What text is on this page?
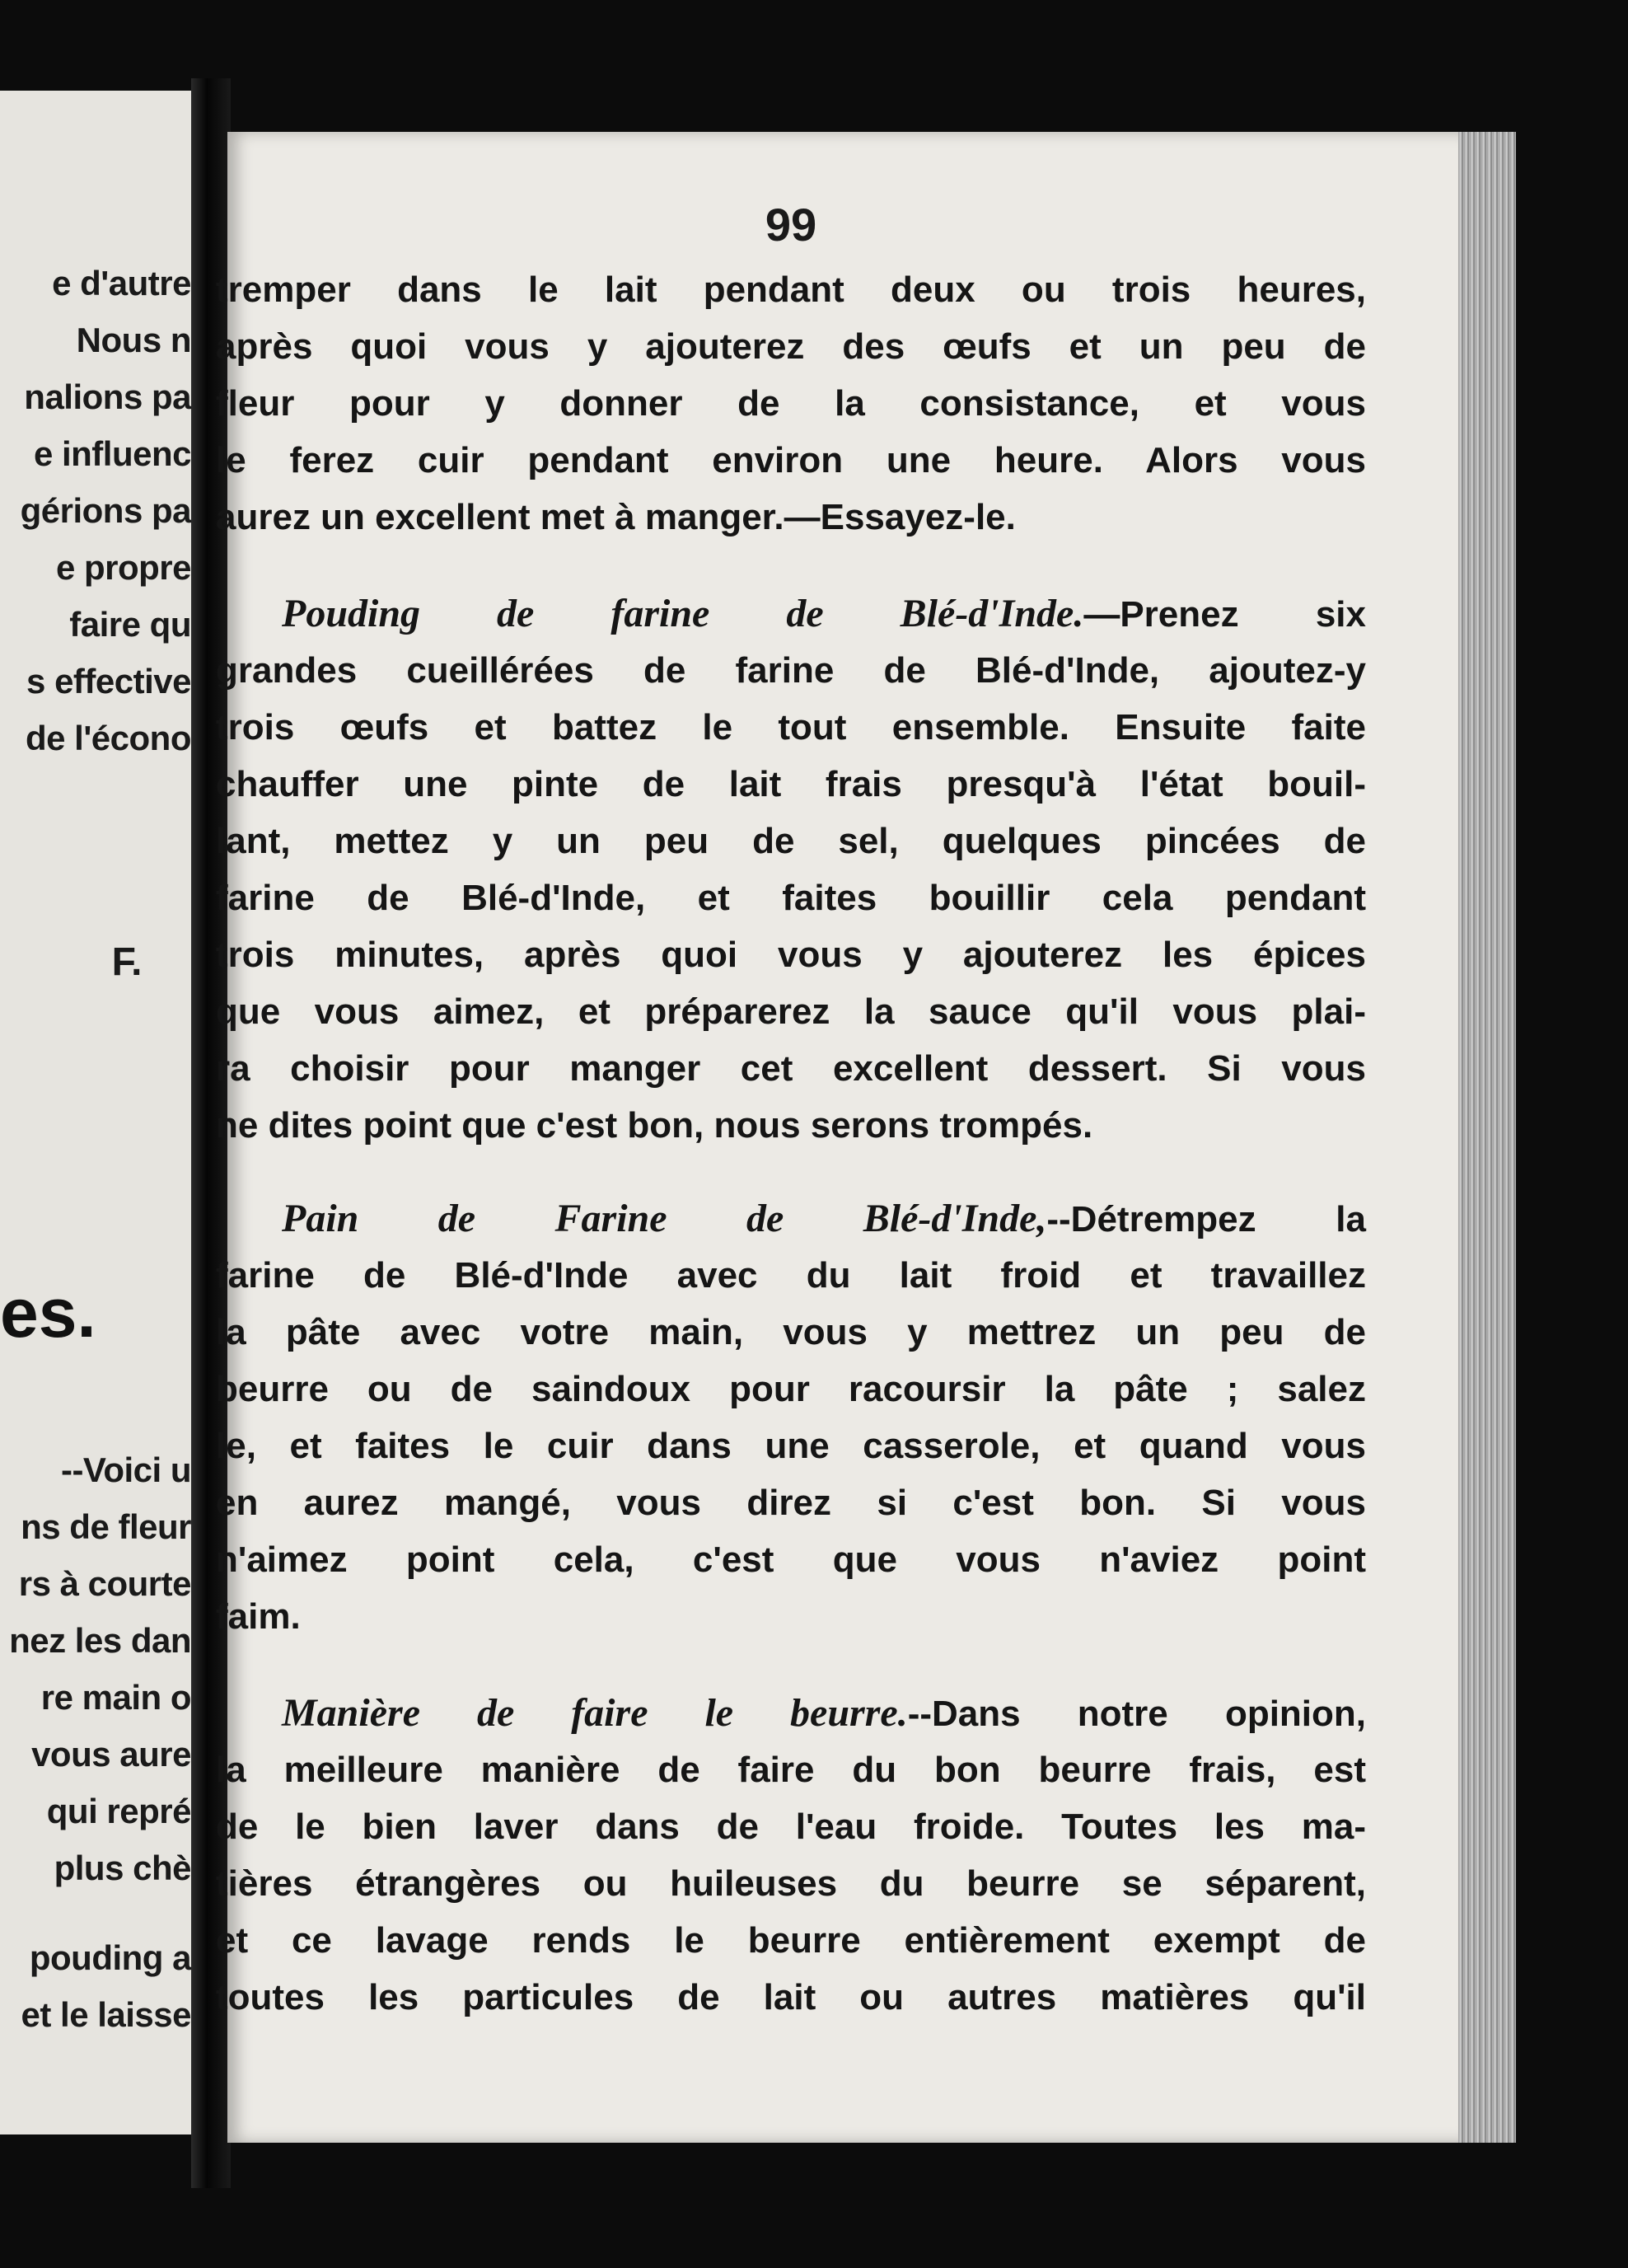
e d'autre
Nous n
nalions pa
e influenc
gérions pa
e propre
faire qu
s effective
de l'écono
F.
es.
--Voici u
ns de fleur
rs à courte
nez les dan
re main o
vous aure
qui repré
plus chè
pouding a
et le laisse
99
tremper dans le lait pendant deux ou trois heures,
après quoi vous y ajouterez des œufs et un peu de
fleur pour y donner de la consistance, et vous
le ferez cuir pendant environ une heure. Alors vous
aurez un excellent met à manger.—Essayez-le.
Pouding de farine de Blé-d'Inde.—Prenez six
grandes cueillérées de farine de Blé-d'Inde, ajoutez-y
trois œufs et battez le tout ensemble. Ensuite faite
chauffer une pinte de lait frais presqu'à l'état bouil-
lant, mettez y un peu de sel, quelques pincées de
farine de Blé-d'Inde, et faites bouillir cela pendant
trois minutes, après quoi vous y ajouterez les épices
que vous aimez, et préparerez la sauce qu'il vous plai-
ra choisir pour manger cet excellent dessert. Si vous
ne dites point que c'est bon, nous serons trompés.
Pain de Farine de Blé-d'Inde,--Détrempez la
farine de Blé-d'Inde avec du lait froid et travaillez
la pâte avec votre main, vous y mettrez un peu de
beurre ou de saindoux pour racoursir la pâte ; salez
le, et faites le cuir dans une casserole, et quand vous
en aurez mangé, vous direz si c'est bon. Si vous
n'aimez point cela, c'est que vous n'aviez point
faim.
Manière de faire le beurre.--Dans notre opinion,
la meilleure manière de faire du bon beurre frais, est
de le bien laver dans de l'eau froide. Toutes les ma-
tières étrangères ou huileuses du beurre se séparent,
et ce lavage rends le beurre entièrement exempt de
toutes les particules de lait ou autres matières qu'il
